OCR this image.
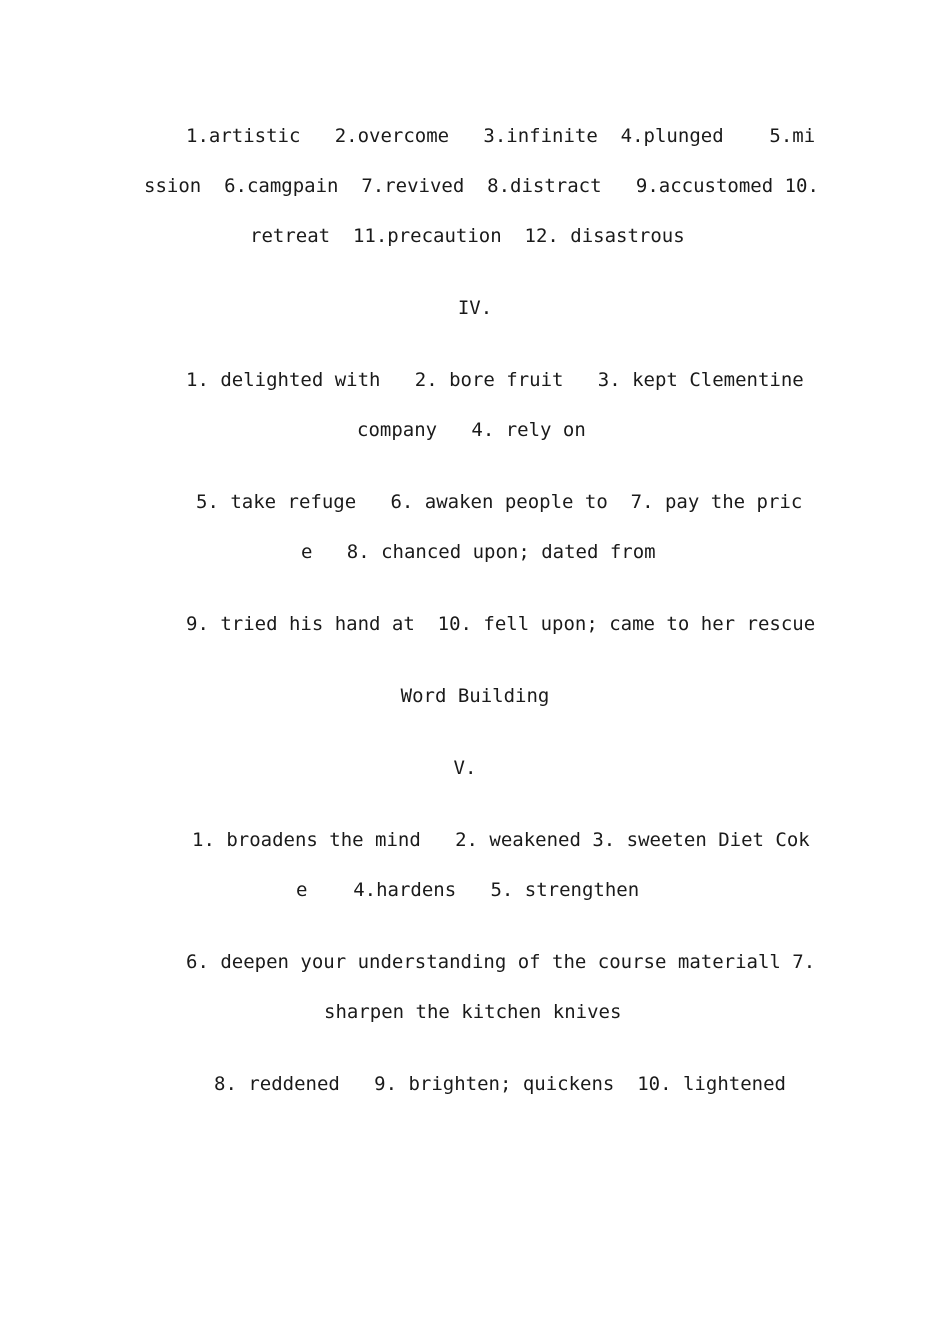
1.artistic   2.overcome   3.infinite  4.plunged    5.mi
ssion  6.camgpain  7.revived  8.distract   9.accustomed 10.
retreat  11.precaution  12. disastrous
IV.
1. delighted with   2. bore fruit   3. kept Clementine
company   4. rely on
5. take refuge   6. awaken people to  7. pay the pric
e   8. chanced upon; dated from
9. tried his hand at  10. fell upon; came to her rescue
Word Building
V.
1. broadens the mind   2. weakened 3. sweeten Diet Cok
e    4.hardens   5. strengthen
6. deepen your understanding of the course materiall 7.
sharpen the kitchen knives
8. reddened   9. brighten; quickens  10. lightened
